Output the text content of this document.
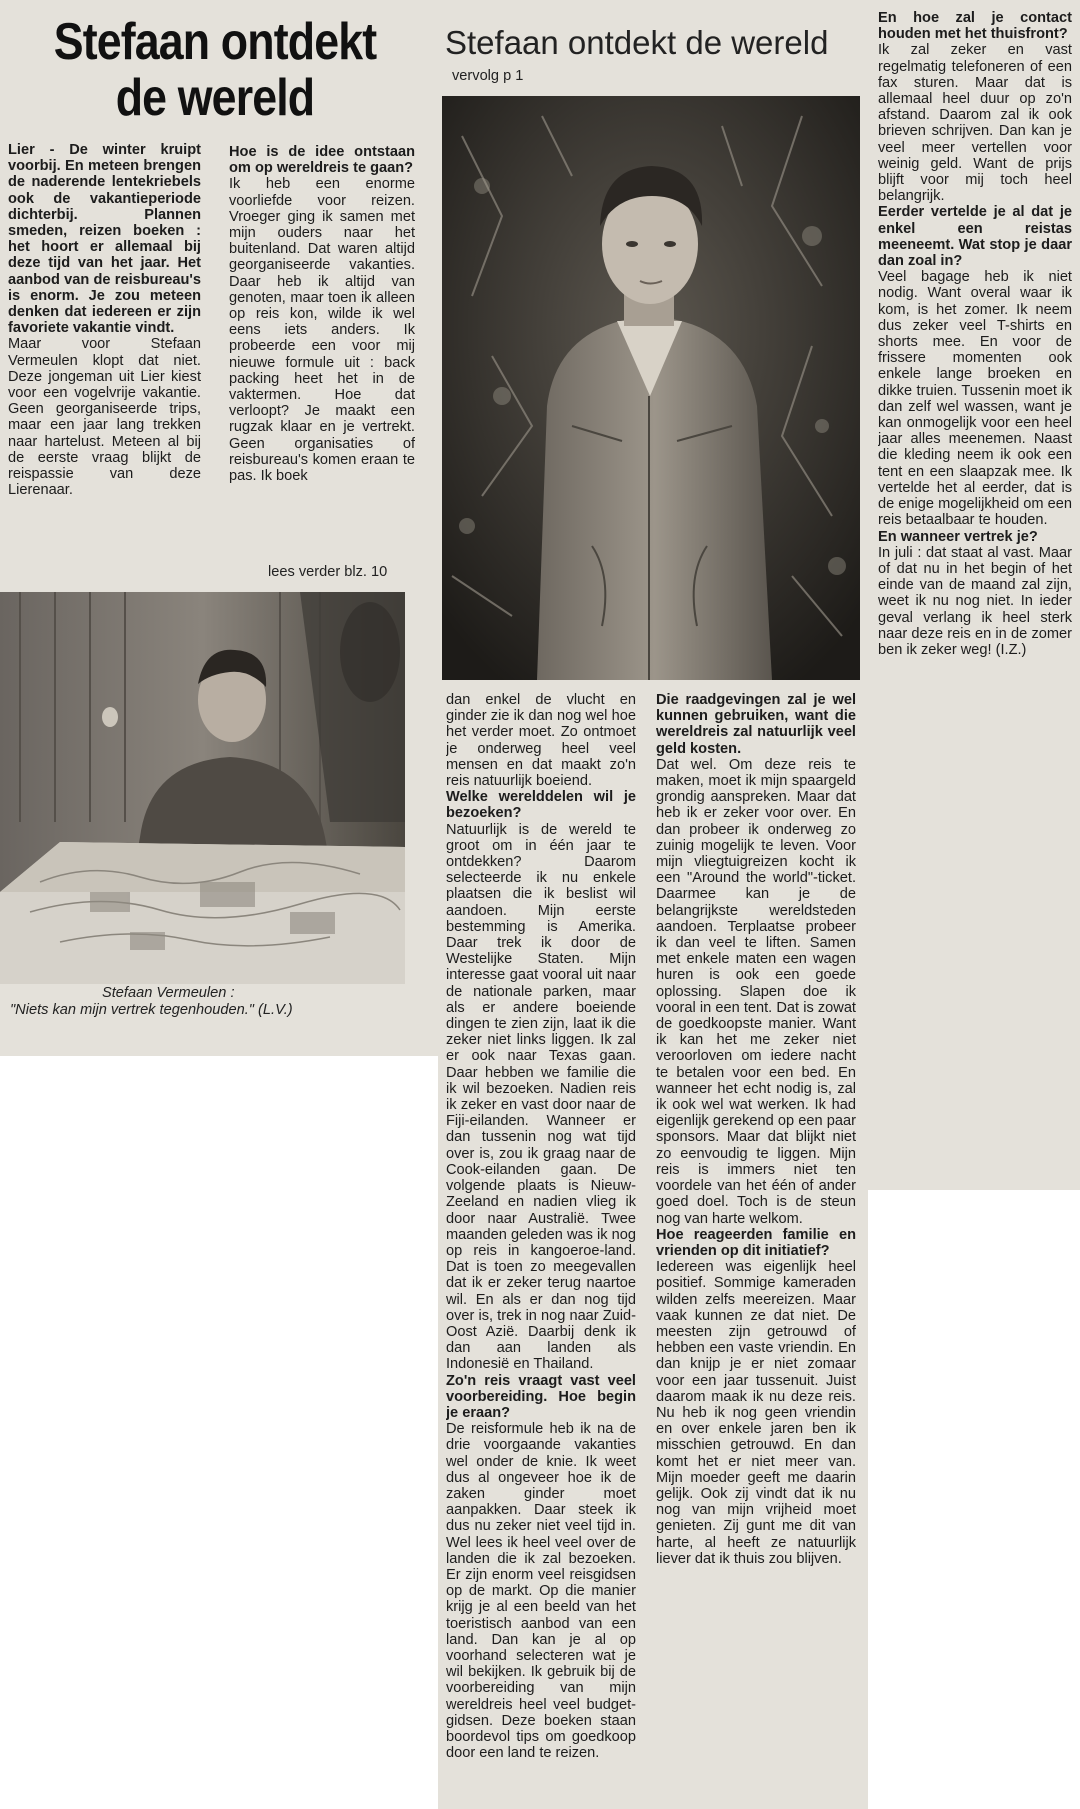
Stefaan ontdekt
de wereld

Lier - De winter kruipt voorbij. En meteen brengen de naderende lentekriebels ook de vakantieperiode dichterbij. Plannen smeden, reizen boeken : het hoort er allemaal bij deze tijd van het jaar. Het aanbod van de reisbureau's is enorm. Je zou meteen denken dat iedereen er zijn favoriete vakantie vindt.

Maar voor Stefaan Vermeulen klopt dat niet. Deze jongeman uit Lier kiest voor een vogelvrije vakantie. Geen georganiseerde trips, maar een jaar lang trekken naar hartelust. Meteen al bij de eerste vraag blijkt de reispassie van deze Lierenaar.

Hoe is de idee ontstaan om op wereldreis te gaan?

Ik heb een enorme voorliefde voor reizen. Vroeger ging ik samen met mijn ouders naar het buitenland. Dat waren altijd georganiseerde vakanties. Daar heb ik altijd van genoten, maar toen ik alleen op reis kon, wilde ik wel eens iets anders. Ik probeerde een voor mij nieuwe formule uit : back packing heet het in de vaktermen. Hoe dat verloopt? Je maakt een rugzak klaar en je vertrekt. Geen organisaties of reisbureau's komen eraan te pas. Ik boek

lees verder blz. 10
Stefaan Vermeulen :
"Niets kan mijn vertrek tegenhouden." (L.V.)
Stefaan ontdekt de wereld
vervolg p 1

dan enkel de vlucht en ginder zie ik dan nog wel hoe het verder moet. Zo ontmoet je onderweg heel veel mensen en dat maakt zo'n reis natuurlijk boeiend.

Welke werelddelen wil je bezoeken?

Natuurlijk is de wereld te groot om in één jaar te ontdekken? Daarom selecteerde ik nu enkele plaatsen die ik beslist wil aandoen. Mijn eerste bestemming is Amerika. Daar trek ik door de Westelijke Staten. Mijn interesse gaat vooral uit naar de nationale parken, maar als er andere boeiende dingen te zien zijn, laat ik die zeker niet links liggen. Ik zal er ook naar Texas gaan. Daar hebben we familie die ik wil bezoeken. Nadien reis ik zeker en vast door naar de Fiji-eilanden. Wanneer er dan tussenin nog wat tijd over is, zou ik graag naar de Cook-eilanden gaan. De volgende plaats is Nieuw-Zeeland en nadien vlieg ik door naar Australië. Twee maanden geleden was ik nog op reis in kangoeroe-land. Dat is toen zo meegevallen dat ik er zeker terug naartoe wil. En als er dan nog tijd over is, trek in nog naar Zuid-Oost Azië. Daarbij denk ik dan aan landen als Indonesië en Thailand.

Zo'n reis vraagt vast veel voorbereiding. Hoe begin je eraan?

De reisformule heb ik na de drie voorgaande vakanties wel onder de knie. Ik weet dus al ongeveer hoe ik de zaken ginder moet aanpakken. Daar steek ik dus nu zeker niet veel tijd in. Wel lees ik heel veel over de landen die ik zal bezoeken. Er zijn enorm veel reisgidsen op de markt. Op die manier krijg je al een beeld van het toeristisch aanbod van een land. Dan kan je al op voorhand selecteren wat je wil bekijken. Ik gebruik bij de voorbereiding van mijn wereldreis heel veel budget-gidsen. Deze boeken staan boordevol tips om goedkoop door een land te reizen.

Die raadgevingen zal je wel kunnen gebruiken, want die wereldreis zal natuurlijk veel geld kosten.

Dat wel. Om deze reis te maken, moet ik mijn spaargeld grondig aanspreken. Maar dat heb ik er zeker voor over. En dan probeer ik onderweg zo zuinig mogelijk te leven. Voor mijn vliegtuigreizen kocht ik een "Around the world"-ticket. Daarmee kan je de belangrijkste wereldsteden aandoen. Terplaatse probeer ik dan veel te liften. Samen met enkele maten een wagen huren is ook een goede oplossing. Slapen doe ik vooral in een tent. Dat is zowat de goedkoopste manier. Want ik kan het me zeker niet veroorloven om iedere nacht te betalen voor een bed. En wanneer het echt nodig is, zal ik ook wel wat werken. Ik had eigenlijk gerekend op een paar sponsors. Maar dat blijkt niet zo eenvoudig te liggen. Mijn reis is immers niet ten voordele van het één of ander goed doel. Toch is de steun nog van harte welkom.

Hoe reageerden familie en vrienden op dit initiatief?

Iedereen was eigenlijk heel positief. Sommige kameraden wilden zelfs meereizen. Maar vaak kunnen ze dat niet. De meesten zijn getrouwd of hebben een vaste vriendin. En dan knijp je er niet zomaar voor een jaar tussenuit. Juist daarom maak ik nu deze reis. Nu heb ik nog geen vriendin en over enkele jaren ben ik misschien getrouwd. En dan komt het er niet meer van. Mijn moeder geeft me daarin gelijk. Ook zij vindt dat ik nu nog van mijn vrijheid moet genieten. Zij gunt me dit van harte, al heeft ze natuurlijk liever dat ik thuis zou blijven.

En hoe zal je contact houden met het thuisfront?

Ik zal zeker en vast regelmatig telefoneren of een fax sturen. Maar dat is allemaal heel duur op zo'n afstand. Daarom zal ik ook brieven schrijven. Dan kan je veel meer vertellen voor weinig geld. Want de prijs blijft voor mij toch heel belangrijk.

Eerder vertelde je al dat je enkel een reistas meeneemt. Wat stop je daar dan zoal in?

Veel bagage heb ik niet nodig. Want overal waar ik kom, is het zomer. Ik neem dus zeker veel T-shirts en shorts mee. En voor de frissere momenten ook enkele lange broeken en dikke truien. Tussenin moet ik dan zelf wel wassen, want je kan onmogelijk voor een heel jaar alles meenemen. Naast die kleding neem ik ook een tent en een slaapzak mee. Ik vertelde het al eerder, dat is de enige mogelijkheid om een reis betaalbaar te houden.

En wanneer vertrek je?

In juli : dat staat al vast. Maar of dat nu in het begin of het einde van de maand zal zijn, weet ik nu nog niet. In ieder geval verlang ik heel sterk naar deze reis en in de zomer ben ik zeker weg! (I.Z.)
